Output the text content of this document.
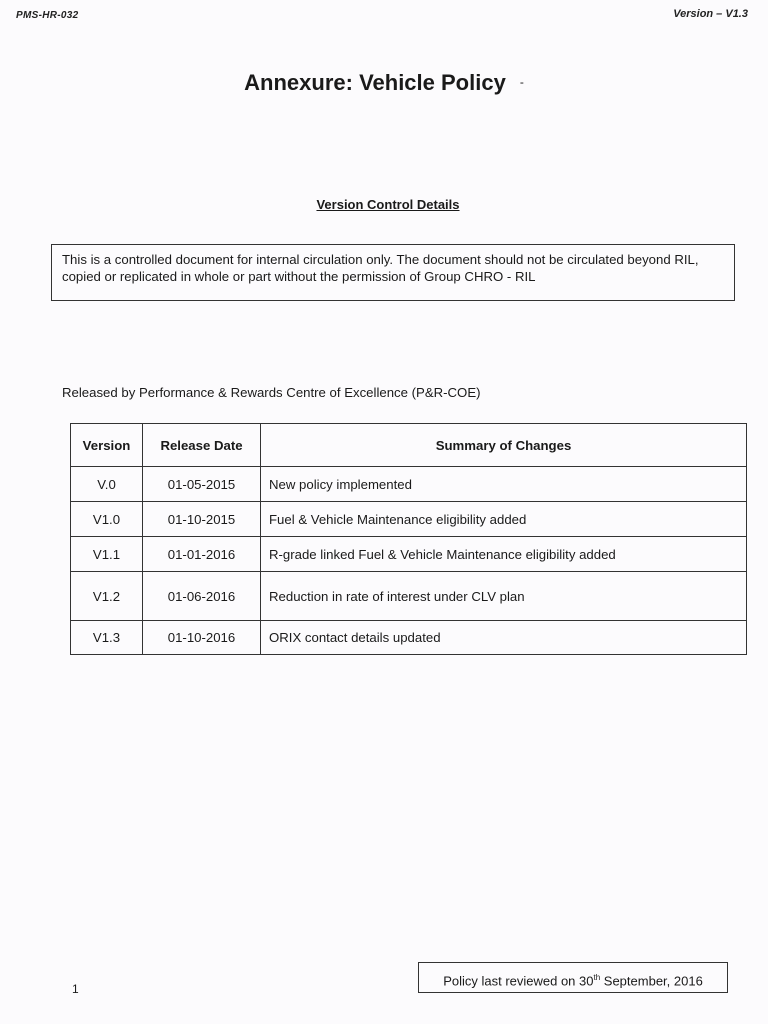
PMS-HR-032	Version – V1.3
Annexure: Vehicle Policy -
Version Control Details
This is a controlled document for internal circulation only. The document should not be circulated beyond RIL, copied or replicated in whole or part without the permission of Group CHRO - RIL
Released by Performance & Rewards Centre of Excellence (P&R-COE)
Version	Release Date	Summary of Changes
V.0	01-05-2015	New policy implemented
V1.0	01-10-2015	Fuel & Vehicle Maintenance eligibility added
V1.1	01-01-2016	R-grade linked Fuel & Vehicle Maintenance eligibility added
V1.2	01-06-2016	Reduction in rate of interest under CLV plan
V1.3	01-10-2016	ORIX contact details updated
1
Policy last reviewed on 30th September, 2016
